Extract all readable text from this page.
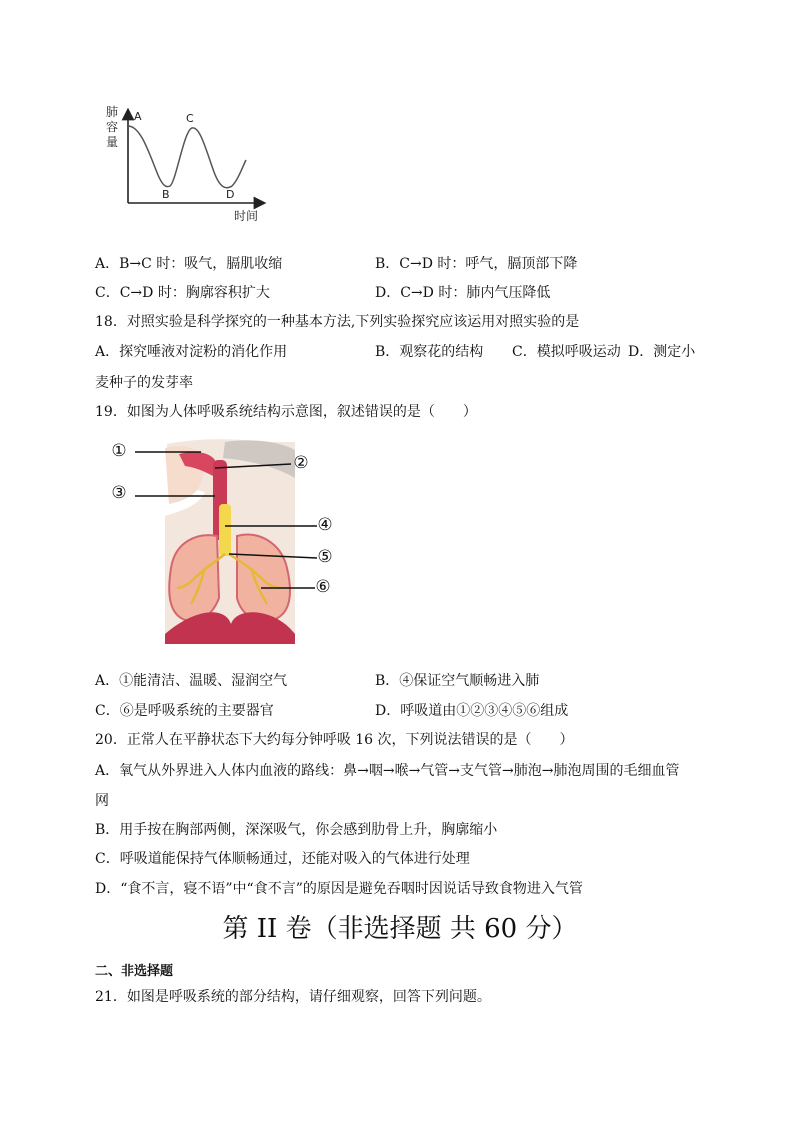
肺
容
量
A	C
B	D
时间
A．B→C 时：吸气，膈肌收缩	B．C→D 时：呼气，膈顶部下降
C．C→D 时：胸廓容积扩大	D．C→D 时：肺内气压降低
18．对照实验是科学探究的一种基本方法,下列实验探究应该运用对照实验的是
A．探究唾液对淀粉的消化作用	B．观察花的结构 C．模拟呼吸运动 D．测定小
麦种子的发芽率
19．如图为人体呼吸系统结构示意图，叙述错误的是（　　）
①
②
③
④
⑤
⑥
A．①能清洁、温暖、湿润空气	B．④保证空气顺畅进入肺
C．⑥是呼吸系统的主要器官	D．呼吸道由①②③④⑤⑥组成
20．正常人在平静状态下大约每分钟呼吸 16 次，下列说法错误的是（　　）
A．氧气从外界进入人体内血液的路线：鼻→咽→喉→气管→支气管→肺泡→肺泡周围的毛细血管
网
B．用手按在胸部两侧，深深吸气，你会感到肋骨上升，胸廓缩小
C．呼吸道能保持气体顺畅通过，还能对吸入的气体进行处理
D．“食不言，寝不语”中“食不言”的原因是避免吞咽时因说话导致食物进入气管
第 II 卷（非选择题 共 60 分）
二、非选择题
21．如图是呼吸系统的部分结构，请仔细观察，回答下列问题。
